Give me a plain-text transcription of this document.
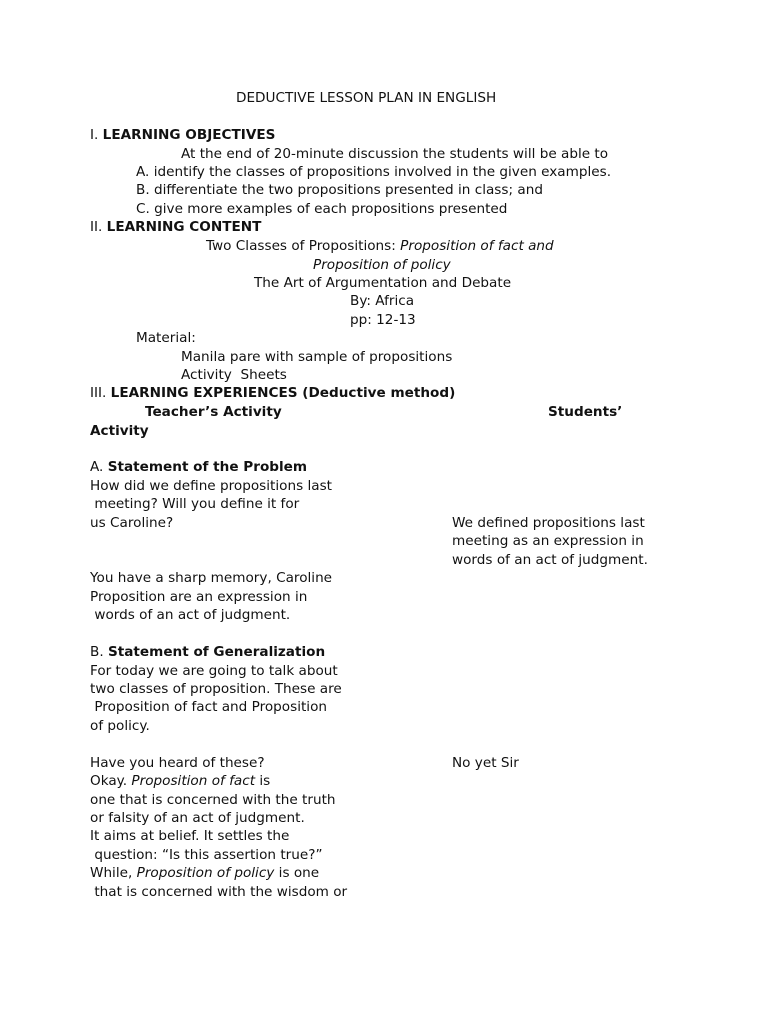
DEDUCTIVE LESSON PLAN IN ENGLISH
I. LEARNING OBJECTIVES
At the end of 20-minute discussion the students will be able to
A. identify the classes of propositions involved in the given examples.
B. differentiate the two propositions presented in class; and
C. give more examples of each propositions presented
II. LEARNING CONTENT
Two Classes of Propositions: Proposition of fact and
Proposition of policy
The Art of Argumentation and Debate
By: Africa
pp: 12-13
Material:
Manila pare with sample of propositions
Activity  Sheets
III. LEARNING EXPERIENCES (Deductive method)
Teacher’s Activity	Students’
Activity
A. Statement of the Problem
How did we define propositions last
meeting? Will you define it for
us Caroline?	We defined propositions last
meeting as an expression in
words of an act of judgment.
You have a sharp memory, Caroline
Proposition are an expression in
words of an act of judgment.
B. Statement of Generalization
For today we are going to talk about
two classes of proposition. These are
Proposition of fact and Proposition
of policy.
Have you heard of these?	No yet Sir
Okay. Proposition of fact is
one that is concerned with the truth
or falsity of an act of judgment.
It aims at belief. It settles the
question: “Is this assertion true?”
While, Proposition of policy is one
that is concerned with the wisdom or
